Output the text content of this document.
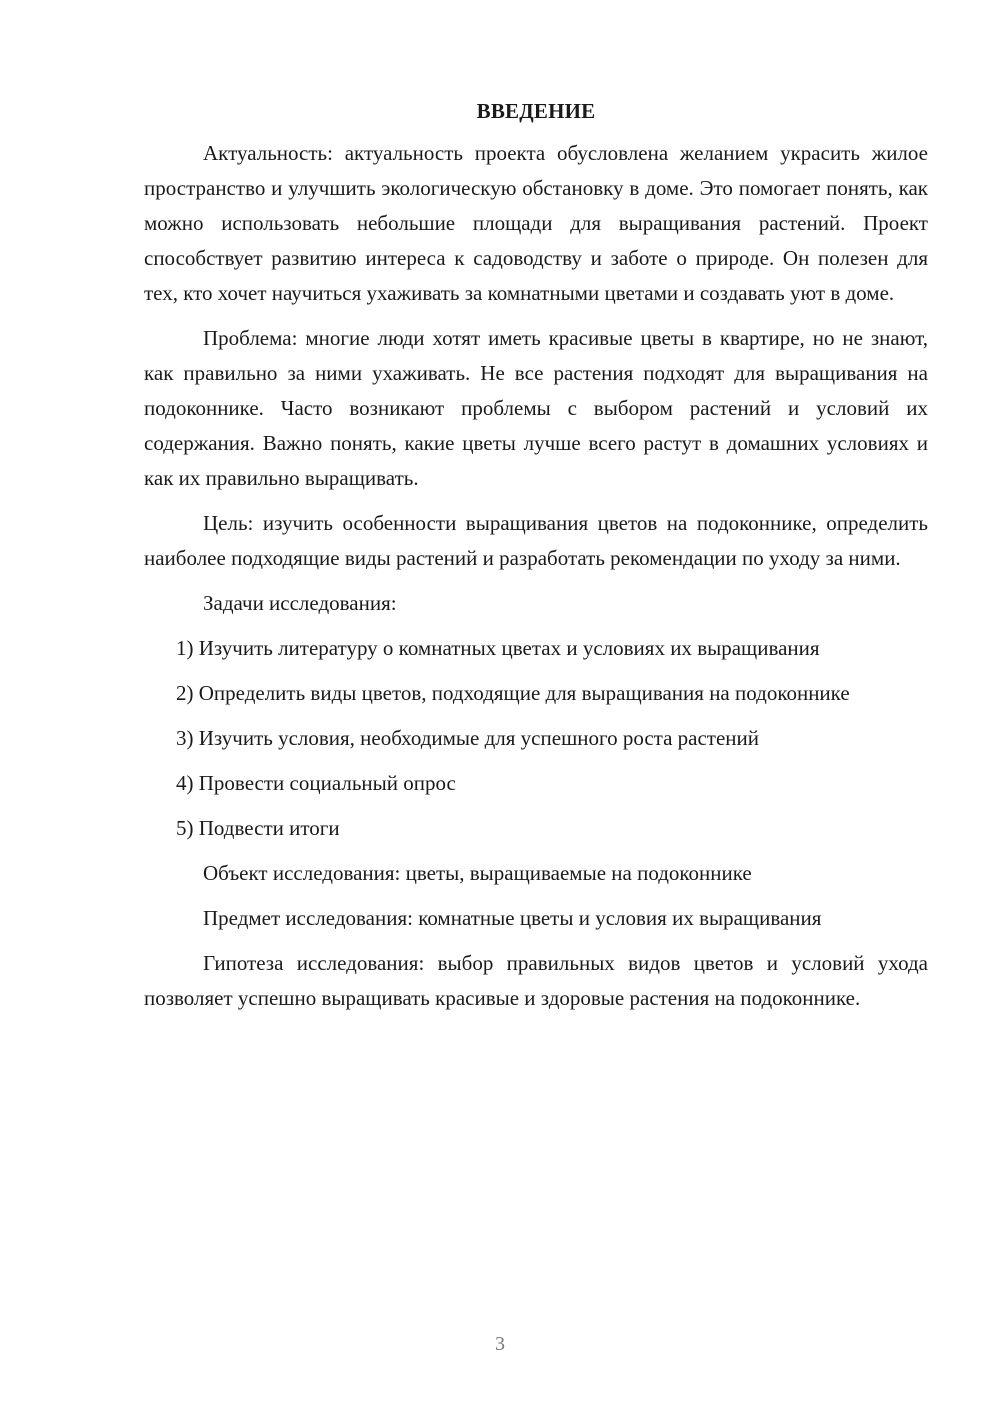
ВВЕДЕНИЕ

Актуальность: актуальность проекта обусловлена желанием украсить жилое пространство и улучшить экологическую обстановку в доме. Это помогает понять, как можно использовать небольшие площади для выращивания растений. Проект способствует развитию интереса к садоводству и заботе о природе. Он полезен для тех, кто хочет научиться ухаживать за комнатными цветами и создавать уют в доме.

Проблема: многие люди хотят иметь красивые цветы в квартире, но не знают, как правильно за ними ухаживать. Не все растения подходят для выращивания на подоконнике. Часто возникают проблемы с выбором растений и условий их содержания. Важно понять, какие цветы лучше всего растут в домашних условиях и как их правильно выращивать.

Цель: изучить особенности выращивания цветов на подоконнике, определить наиболее подходящие виды растений и разработать рекомендации по уходу за ними.

Задачи исследования:

1) Изучить литературу о комнатных цветах и условиях их выращивания

2) Определить виды цветов, подходящие для выращивания на подоконнике

3) Изучить условия, необходимые для успешного роста растений

4) Провести социальный опрос

5) Подвести итоги

Объект исследования: цветы, выращиваемые на подоконнике

Предмет исследования: комнатные цветы и условия их выращивания

Гипотеза исследования: выбор правильных видов цветов и условий ухода позволяет успешно выращивать красивые и здоровые растения на подоконнике.

3
